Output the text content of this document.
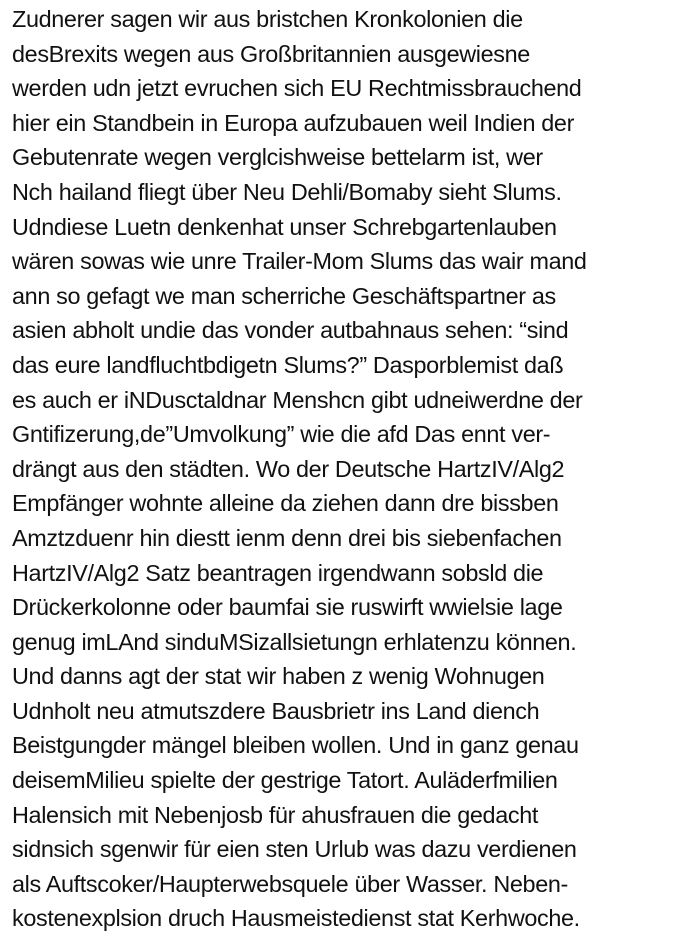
Zudnerer sagen wir aus bristchen Kronkolonien die
desBrexits wegen aus Großbritannien ausgewiesne
werden udn jetzt evruchen sich EU Rechtmissbrauchend
hier ein Standbein in Europa aufzubauen weil Indien der
Gebutenrate wegen verglcishweise bettelarm ist, wer
Nch hailand fliegt über Neu Dehli/Bomaby sieht Slums.
Udndiese Luetn denkenhat unser Schrebgartenlauben
wären sowas wie unre Trailer-Mom Slums das wair mand
ann so gefagt we man scherriche Geschäftspartner as
asien abholt undie das vonder autbahnaus sehen: “sind
das eure landfluchtbdigetn Slums?” Dasporblemist daß
es auch er iNDusctaldnar Menshcn gibt udneiwerdne der
Gntifizerung,de”Umvolkung” wie die afd Das ennt ver-
drängt aus den städten. Wo der Deutsche HartzIV/Alg2
Empfänger wohnte alleine da ziehen dann dre bissben
Amztzduenr hin diestt ienm denn drei bis siebenfachen
HartzIV/Alg2 Satz beantragen irgendwann sobsld die
Drückerkolonne oder baumfai sie ruswirft wwielsie lage
genug imLAnd sinduMSizallsietungn erhlatenzu können.
Und danns agt der stat wir haben z wenig Wohnugen
Udnholt neu atmutszdere Bausbrietr ins Land diench
Beistgungder mängel bleiben wollen. Und in ganz genau
deisemMilieu spielte der gestrige Tatort. Auläderfmilien
Halensich mit Nebenjosb für ahusfrauen die gedacht
sidnsich sgenwir für eien sten Urlub was dazu verdienen
als Auftscoker/Haupterwebsquele über Wasser. Neben-
kostenexplsion druch Hausmeistedienst stat Kerhwoche.
